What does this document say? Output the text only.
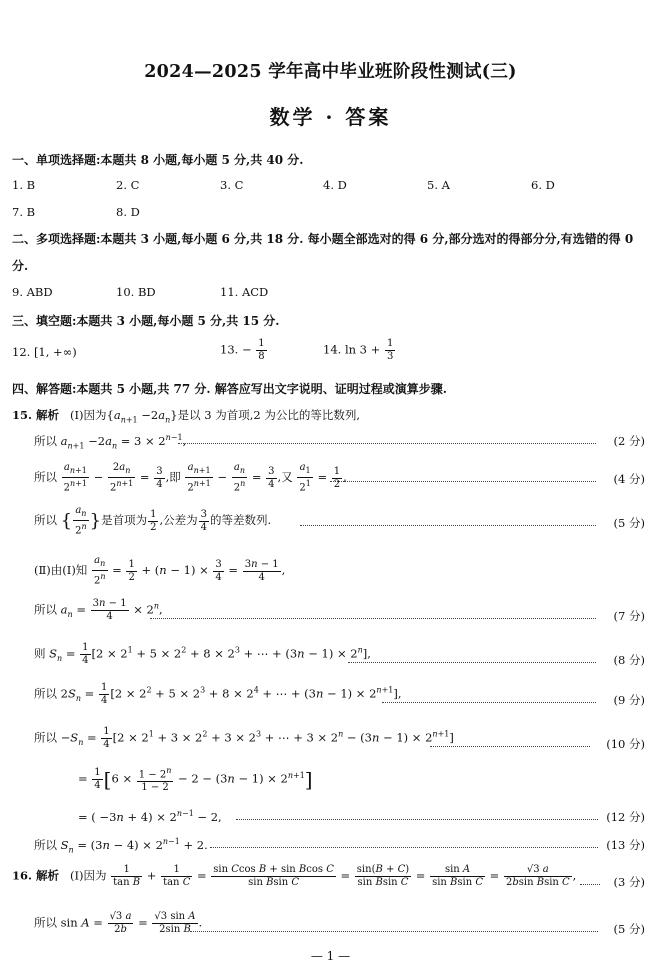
2024—2025 学年高中毕业班阶段性测试(三)
数学 · 答案
一、单项选择题:本题共 8 小题,每小题 5 分,共 40 分.
1. B	2. C	3. C	4. D	5. A	6. D
7. B	8. D
二、多项选择题:本题共 3 小题,每小题 6 分,共 18 分. 每小题全部选对的得 6 分,部分选对的得部分分,有选错的得 0 分.
9. ABD	10. BD	11. ACD
三、填空题:本题共 3 小题,每小题 5 分,共 15 分.
12. [1, +∞)	13. − $\frac{1}{8}$	14. $\ln 3 + \frac{1}{3}$
四、解答题:本题共 5 小题,共 77 分. 解答应写出文字说明、证明过程或演算步骤.
15. 解析   (Ⅰ)因为$\{a_{n+1} -2a_n\}$是以 3 为首项,2 为公比的等比数列,
所以 $a_{n+1} -2a_n = 3 \times 2^{n-1}$,	(2 分)
所以 $\frac{a_{n+1}}{2^{n+1}} - \frac{2a_n}{2^{n+1}} = \frac{3}{4}$ ,即 $\frac{a_{n+1}}{2^{n+1}} - \frac{a_n}{2^n} = \frac{3}{4}$ ,又 $\frac{a_1}{2^1} = \frac{1}{2}$ ,	(4 分)
所以 { $\frac{a_n}{2^n}$ }是首项为 $\frac{1}{2}$ ,公差为 $\frac{3}{4}$ 的等差数列.	(5 分)
(Ⅱ)由(Ⅰ)知 $\frac{a_n}{2^n} = \frac{1}{2} + (n - 1) \times \frac{3}{4} = \frac{3n - 1}{4}$ ,
所以 $a_n = \frac{3n - 1}{4} \times 2^n$,	(7 分)
则 $S_n = \frac{1}{4} [2 \times 2^1 + 5 \times 2^2 + 8 \times 2^3$ + ⋯ + $(3n - 1) \times 2^n$],	(8 分)
所以 $2S_n = \frac{1}{4} [2 \times 2^2 + 5 \times 2^3 + 8 \times 2^4$ + ⋯ + $(3n - 1) \times 2^{n+1}$],	(9 分)
所以 $-S_n = \frac{1}{4} [2 \times 2^1 + 3 \times 2^2 + 3 \times 2^3$ + ⋯ + $3 \times 2^n - (3n - 1) \times 2^{n+1}$]	(10 分)
= $\frac{1}{4} [6 \times \frac{1 - 2^n}{1 - 2} - 2 - (3n - 1) \times 2^{n+1}]$
= ( $-3n + 4) \times 2^{n-1} - 2$,	(12 分)
所以 $S_n = (3n - 4) \times 2^{n-1} + 2$.	(13 分)
16. 解析   (Ⅰ)因为 $\frac{1}{\text{tan B}} + \frac{1}{\text{tan C}} = \frac{\text{sin Ccos B + sin Bcos C}}{\text{sin Bsin C}} = \frac{\sin(B + C)}{\text{sin Bsin C}} = \frac{\text{sin A}}{\text{sin Bsin C}} = \frac{√3 a}{\text{2bsin Bsin C}}$ ,	(3 分)
所以 $\sin A = \frac{√3 a}{2b} = \frac{\text{√3 sin A}}{\text{2sin B}}$ .	(5 分)
— 1 —
